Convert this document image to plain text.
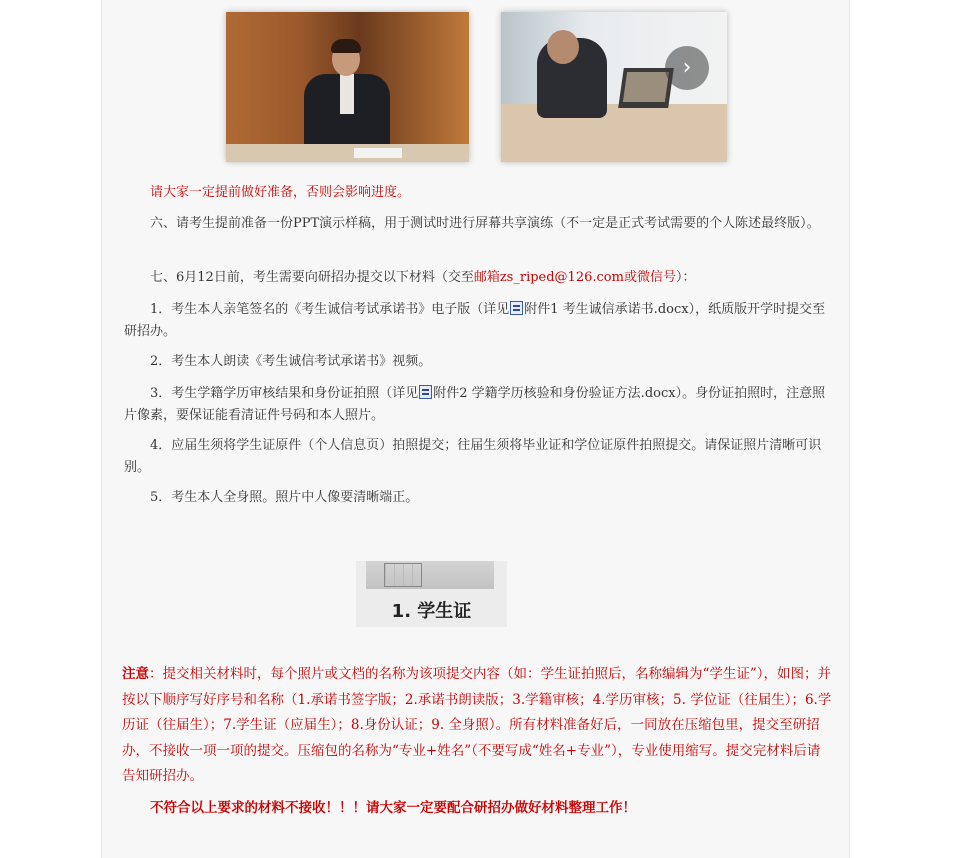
›
请大家一定提前做好准备，否则会影响进度。
六、请考生提前准备一份PPT演示样稿，用于测试时进行屏幕共享演练（不一定是正式考试需要的个人陈述最终版）。
七、6月12日前，考生需要向研招办提交以下材料（交至邮箱zs_riped@126.com或微信号）：
1．考生本人亲笔签名的《考生诚信考试承诺书》电子版（详见 附件1 考生诚信承诺书.docx），纸质版开学时提交至研招办。
2．考生本人朗读《考生诚信考试承诺书》视频。
3．考生学籍学历审核结果和身份证拍照（详见 附件2 学籍学历核验和身份验证方法.docx）。身份证拍照时，注意照片像素，要保证能看清证件号码和本人照片。
4．应届生须将学生证原件（个人信息页）拍照提交；往届生须将毕业证和学位证原件拍照提交。请保证照片清晰可识别。
5．考生本人全身照。照片中人像要清晰端正。
1. 学生证
注意：提交相关材料时，每个照片或文档的名称为该项提交内容（如：学生证拍照后，名称编辑为“学生证”），如图；并按以下顺序写好序号和名称（1.承诺书签字版；2.承诺书朗读版；3.学籍审核；4.学历审核；5. 学位证（往届生）；6.学历证（往届生）；7.学生证（应届生）；8.身份认证；9. 全身照）。所有材料准备好后，一同放在压缩包里，提交至研招办，不接收一项一项的提交。压缩包的名称为“专业+姓名”（不要写成“姓名+专业”），专业使用缩写。提交完材料后请告知研招办。
不符合以上要求的材料不接收！！！请大家一定要配合研招办做好材料整理工作！
